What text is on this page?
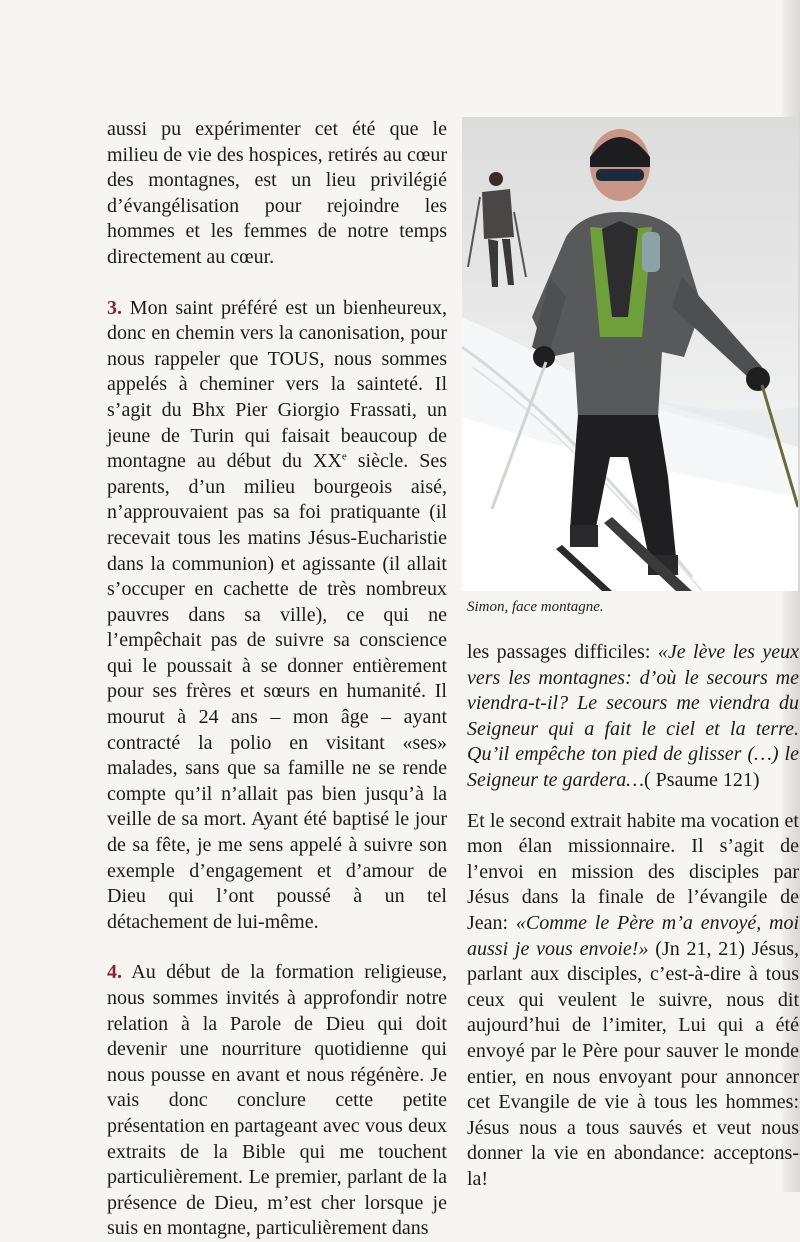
aussi pu expérimenter cet été que le milieu de vie des hospices, retirés au cœur des montagnes, est un lieu privilégié d’évangélisation pour rejoindre les hommes et les femmes de notre temps directement au cœur.

3. Mon saint préféré est un bienheureux, donc en chemin vers la canonisation, pour nous rappeler que TOUS, nous sommes appelés à cheminer vers la sainteté. Il s’agit du Bhx Pier Giorgio Frassati, un jeune de Turin qui faisait beaucoup de montagne au début du XXe siècle. Ses parents, d’un milieu bourgeois aisé, n’approuvaient pas sa foi pratiquante (il recevait tous les matins Jésus-Eucharistie dans la communion) et agissante (il allait s’occuper en cachette de très nombreux pauvres dans sa ville), ce qui ne l’empêchait pas de suivre sa conscience qui le poussait à se donner entièrement pour ses frères et sœurs en humanité. Il mourut à 24 ans – mon âge – ayant contracté la polio en visitant «ses» malades, sans que sa famille ne se rende compte qu’il n’allait pas bien jusqu’à la veille de sa mort. Ayant été baptisé le jour de sa fête, je me sens appelé à suivre son exemple d’engagement et d’amour de Dieu qui l’ont poussé à un tel détachement de lui-même.

4. Au début de la formation religieuse, nous sommes invités à approfondir notre relation à la Parole de Dieu qui doit devenir une nourriture quotidienne qui nous pousse en avant et nous régénère. Je vais donc conclure cette petite présentation en partageant avec vous deux extraits de la Bible qui me touchent particulièrement. Le premier, parlant de la présence de Dieu, m’est cher lorsque je suis en montagne, particulièrement dans

Simon, face montagne.

les passages difficiles: «Je lève les yeux vers les montagnes: d’où le secours me viendra-t-il? Le secours me viendra du Seigneur qui a fait le ciel et la terre. Qu’il empêche ton pied de glisser (…) le Seigneur te gardera…( Psaume 121)

Et le second extrait habite ma vocation et mon élan missionnaire. Il s’agit de l’envoi en mission des disciples par Jésus dans la finale de l’évangile de Jean: «Comme le Père m’a envoyé, moi aussi je vous envoie!» (Jn 21, 21) Jésus, parlant aux disciples, c’est-à-dire à tous ceux qui veulent le suivre, nous dit aujourd’hui de l’imiter, Lui qui a été envoyé par le Père pour sauver le monde entier, en nous envoyant pour annoncer cet Evangile de vie à tous les hommes: Jésus nous a tous sauvés et veut nous donner la vie en abondance: acceptons-la!
